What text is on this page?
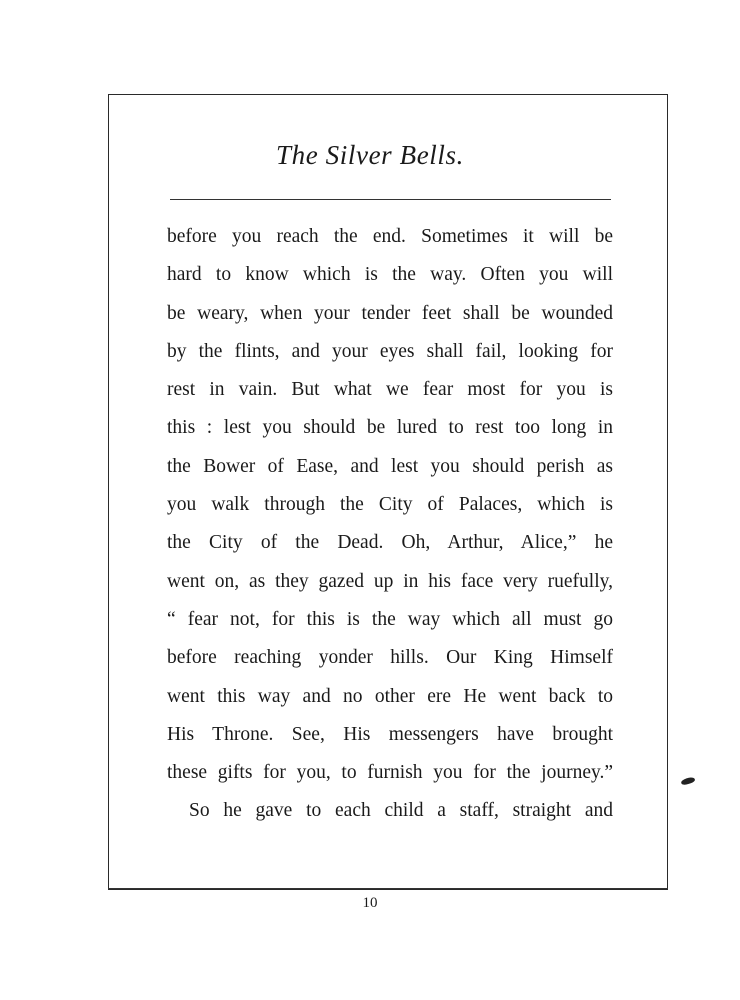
The Silver Bells.
before you reach the end. Sometimes it will be
hard to know which is the way. Often you will
be weary, when your tender feet shall be wounded
by the flints, and your eyes shall fail, looking for
rest in vain. But what we fear most for you is
this : lest you should be lured to rest too long in
the Bower of Ease, and lest you should perish as
you walk through the City of Palaces, which is
the City of the Dead. Oh, Arthur, Alice,” he
went on, as they gazed up in his face very ruefully,
“ fear not, for this is the way which all must go
before reaching yonder hills. Our King Himself
went this way and no other ere He went back to
His Throne. See, His messengers have brought
these gifts for you, to furnish you for the journey.”
So he gave to each child a staff, straight and
10
